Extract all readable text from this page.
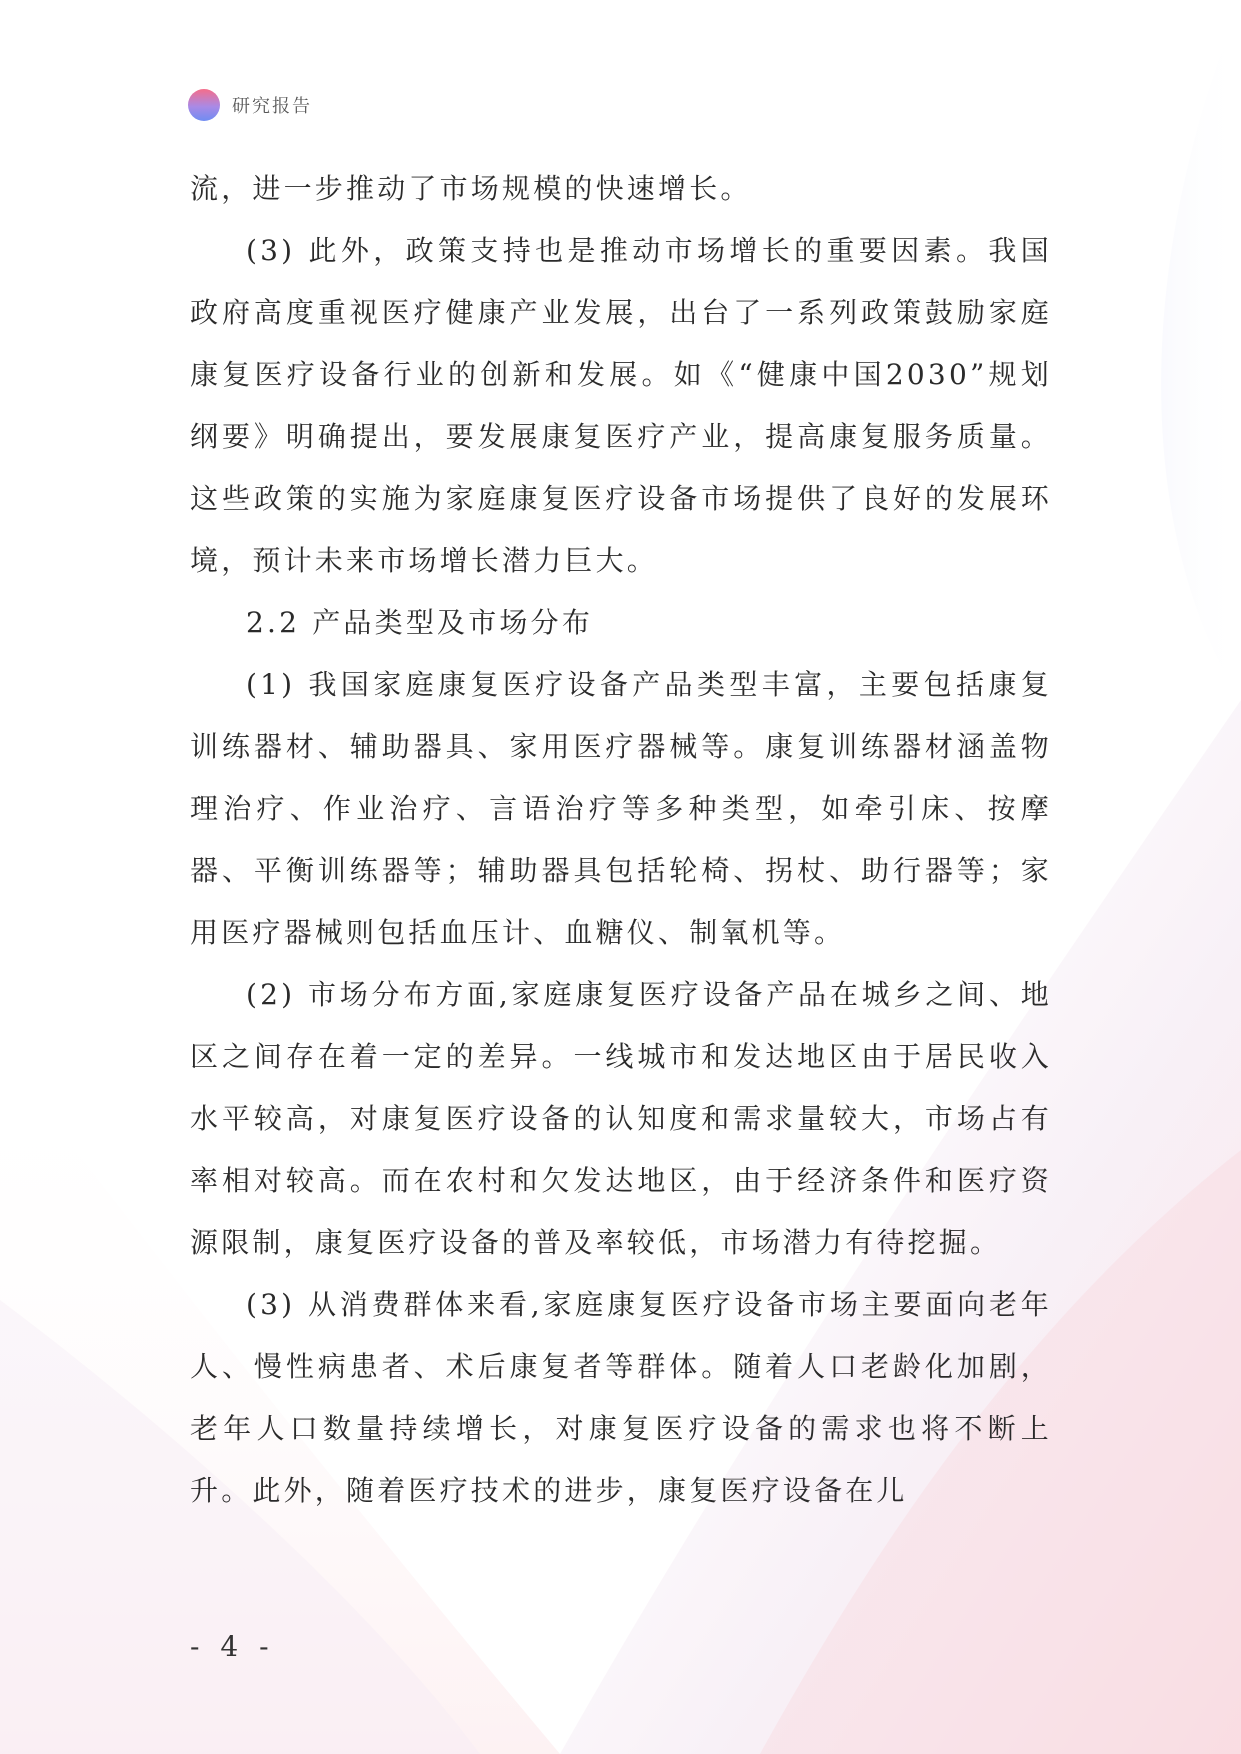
研究报告

流，进一步推动了市场规模的快速增长。

(3) 此外，政策支持也是推动市场增长的重要因素。我国政府高度重视医疗健康产业发展，出台了一系列政策鼓励家庭康复医疗设备行业的创新和发展。如《“健康中国2030”规划纲要》明确提出，要发展康复医疗产业，提高康复服务质量。这些政策的实施为家庭康复医疗设备市场提供了良好的发展环境，预计未来市场增长潜力巨大。

2.2 产品类型及市场分布

(1) 我国家庭康复医疗设备产品类型丰富，主要包括康复训练器材、辅助器具、家用医疗器械等。康复训练器材涵盖物理治疗、作业治疗、言语治疗等多种类型，如牵引床、按摩器、平衡训练器等；辅助器具包括轮椅、拐杖、助行器等；家用医疗器械则包括血压计、血糖仪、制氧机等。

(2) 市场分布方面,家庭康复医疗设备产品在城乡之间、地区之间存在着一定的差异。一线城市和发达地区由于居民收入水平较高，对康复医疗设备的认知度和需求量较大，市场占有率相对较高。而在农村和欠发达地区，由于经济条件和医疗资源限制，康复医疗设备的普及率较低，市场潜力有待挖掘。

(3) 从消费群体来看,家庭康复医疗设备市场主要面向老年人、慢性病患者、术后康复者等群体。随着人口老龄化加剧，老年人口数量持续增长，对康复医疗设备的需求也将不断上升。此外，随着医疗技术的进步，康复医疗设备在儿

- 4 -
